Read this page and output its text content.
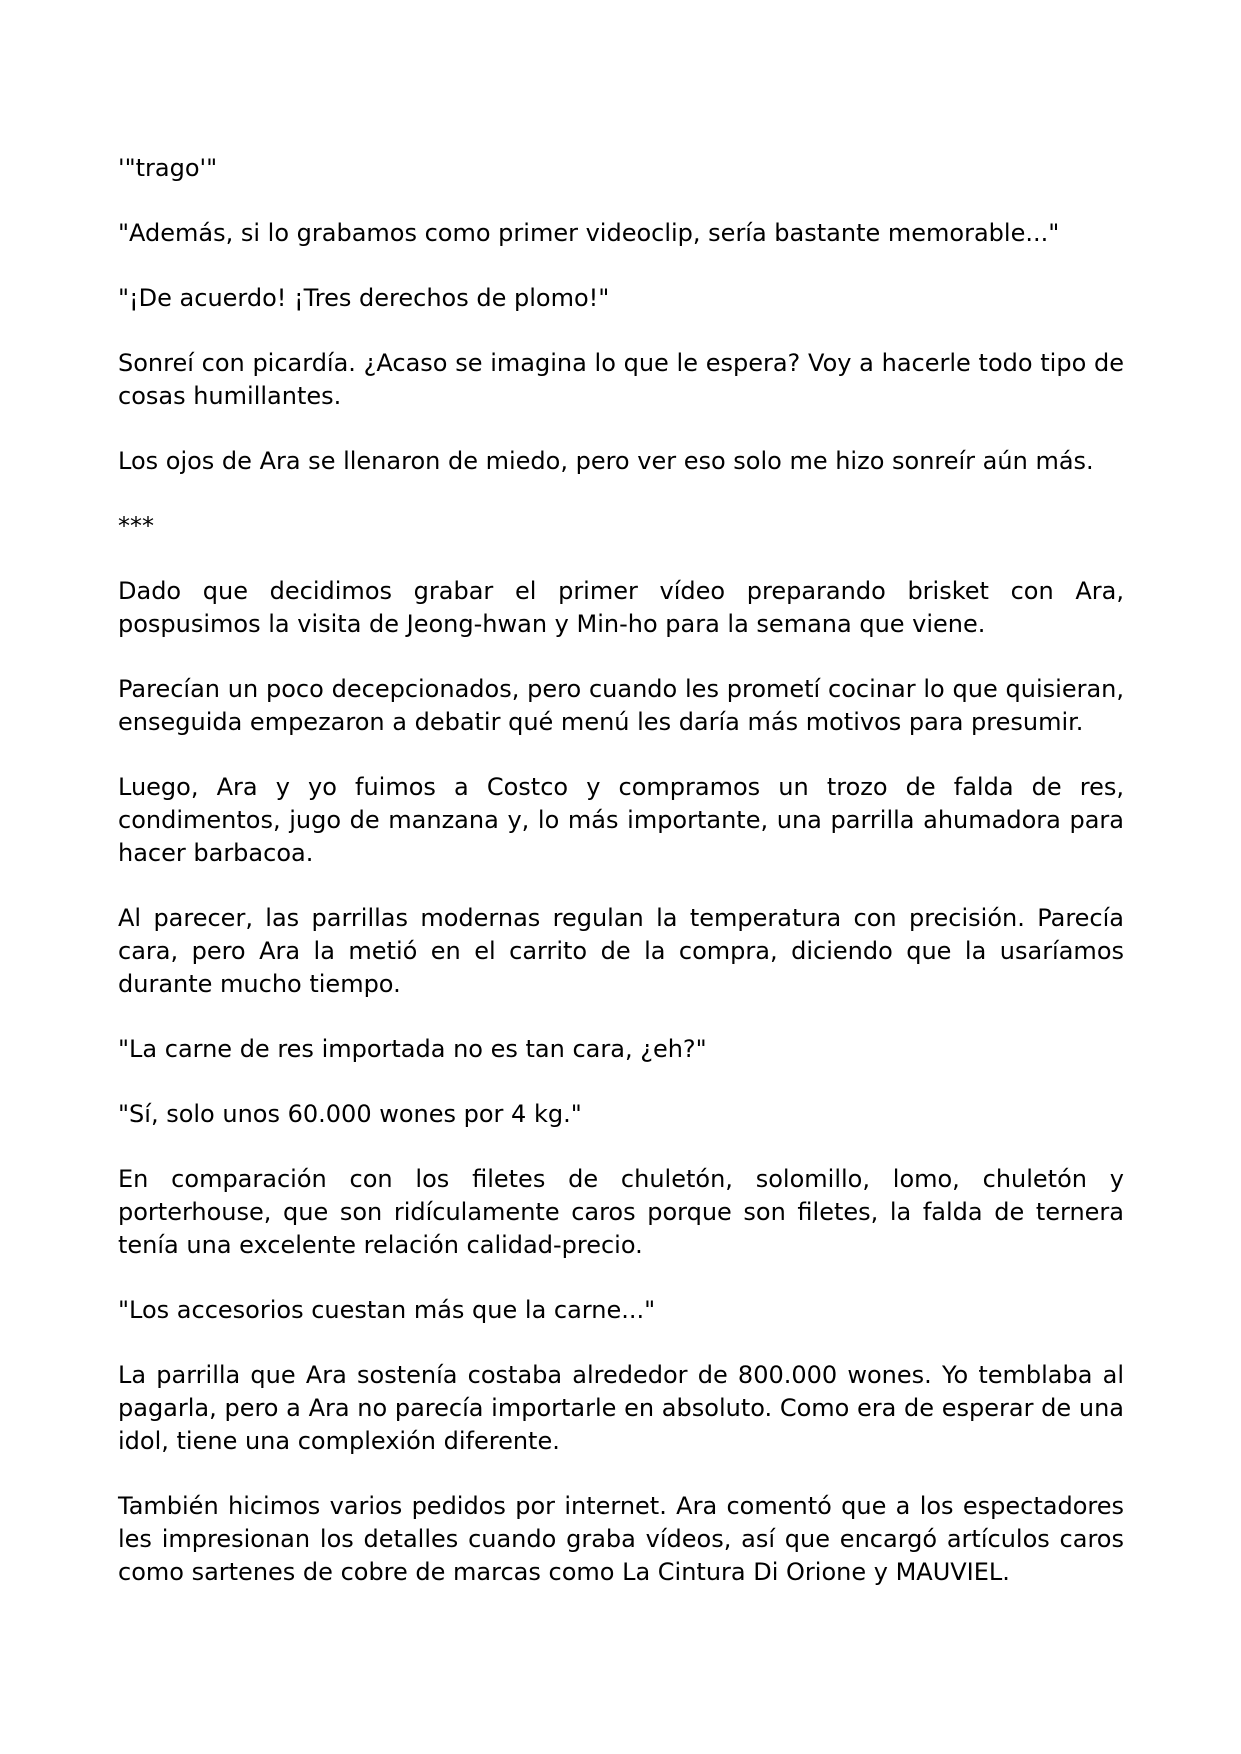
'"trago'"

"Además, si lo grabamos como primer videoclip, sería bastante memorable..."

"¡De acuerdo! ¡Tres derechos de plomo!"

Sonreí con picardía. ¿Acaso se imagina lo que le espera? Voy a hacerle todo tipo de cosas humillantes.

Los ojos de Ara se llenaron de miedo, pero ver eso solo me hizo sonreír aún más.

***

Dado que decidimos grabar el primer vídeo preparando brisket con Ara, pospusimos la visita de Jeong-hwan y Min-ho para la semana que viene.

Parecían un poco decepcionados, pero cuando les prometí cocinar lo que quisieran, enseguida empezaron a debatir qué menú les daría más motivos para presumir.

Luego, Ara y yo fuimos a Costco y compramos un trozo de falda de res, condimentos, jugo de manzana y, lo más importante, una parrilla ahumadora para hacer barbacoa.

Al parecer, las parrillas modernas regulan la temperatura con precisión. Parecía cara, pero Ara la metió en el carrito de la compra, diciendo que la usaríamos durante mucho tiempo.

"La carne de res importada no es tan cara, ¿eh?"

"Sí, solo unos 60.000 wones por 4 kg."

En comparación con los filetes de chuletón, solomillo, lomo, chuletón y porterhouse, que son ridículamente caros porque son filetes, la falda de ternera tenía una excelente relación calidad-precio.

"Los accesorios cuestan más que la carne..."

La parrilla que Ara sostenía costaba alrededor de 800.000 wones. Yo temblaba al pagarla, pero a Ara no parecía importarle en absoluto. Como era de esperar de una idol, tiene una complexión diferente.

También hicimos varios pedidos por internet. Ara comentó que a los espectadores les impresionan los detalles cuando graba vídeos, así que encargó artículos caros como sartenes de cobre de marcas como La Cintura Di Orione y MAUVIEL.
